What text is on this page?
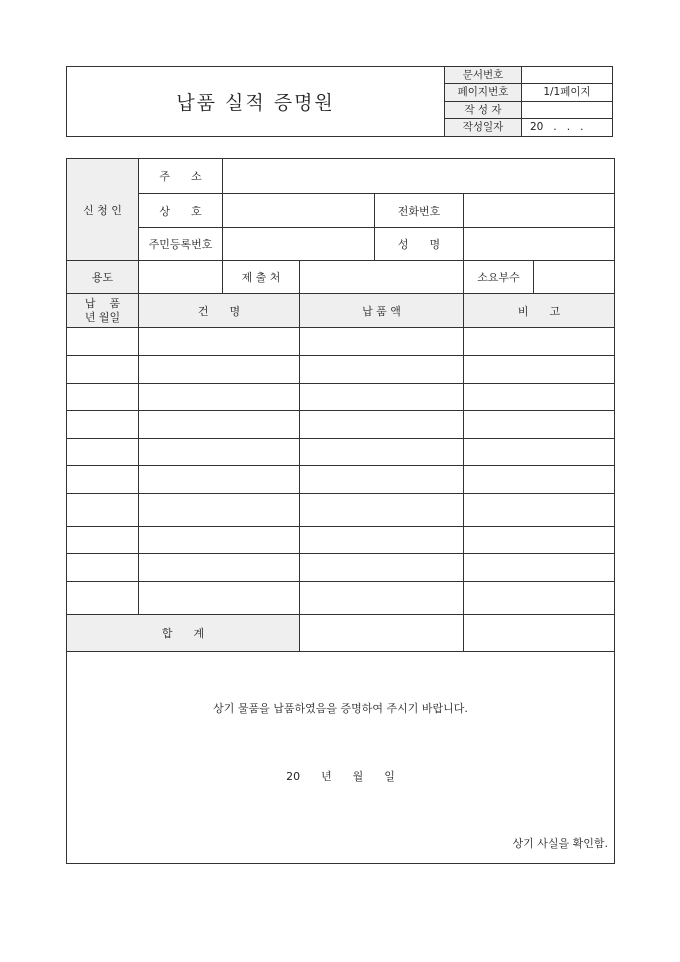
납품 실적 증명원
문서번호	
페이지번호	1/1페이지
작 성 자	
작성일자	20   .   .   .
신 청 인	주      소					
	상      호			전화번호		
	주민등록번호			성      명		
용도		제 출 처			소요부수	

납    품
년 월일	건      명		납 품 액		비      고	

합      계						

상기 물품을 납품하였음을 증명하여 주시기 바랍니다.
20      년      월      일
상기 사실을 확인함.						
